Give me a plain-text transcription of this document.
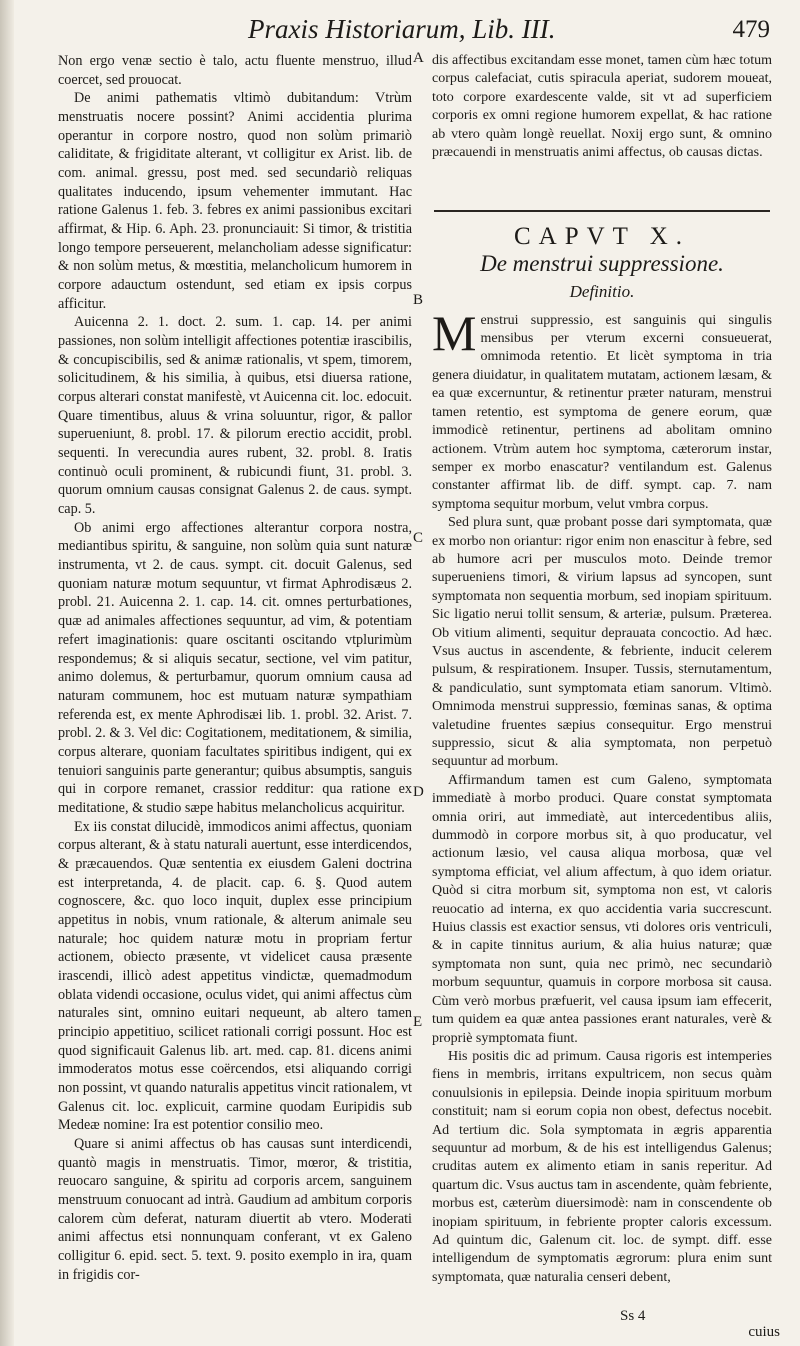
Praxis Historiarum, Lib. III.	479

Non ergo venæ sectio è talo, actu fluente menstruo, illud coercet, sed prouocat.

De animi pathematis vltimò dubitandum: Vtrùm menstruatis nocere possint? Animi accidentia plurima operantur in corpore nostro, quod non solùm primariò caliditate, & frigiditate alterant, vt colligitur ex Arist. lib. de com. animal. gressu, post med. sed secundariò reliquas qualitates inducendo, ipsum vehementer immutant. Hac ratione Galenus 1. feb. 3. febres ex animi passionibus excitari affirmat, & Hip. 6. Aph. 23. pronunciauit: Si timor, & tristitia longo tempore perseuerent, melancholiam adesse significatur: & non solùm metus, & mœstitia, melancholicum humorem in corpore adauctum ostendunt, sed etiam ex ipsis corpus afficitur.

Auicenna 2. 1. doct. 2. sum. 1. cap. 14. per animi passiones, non solùm intelligit affectiones potentiæ irascibilis, & concupiscibilis, sed & animæ rationalis, vt spem, timorem, solicitudinem, & his similia, à quibus, etsi diuersa ratione, corpus alterari constat manifestè, vt Auicenna cit. loc. edocuit. Quare timentibus, aluus & vrina soluuntur, rigor, & pallor superueniunt, 8. probl. 17. & pilorum erectio accidit, probl. sequenti. In verecundia aures rubent, 32. probl. 8. Iratis continuò oculi prominent, & rubicundi fiunt, 31. probl. 3. quorum omnium causas consignat Galenus 2. de caus. sympt. cap. 5.

Ob animi ergo affectiones alterantur corpora nostra, mediantibus spiritu, & sanguine, non solùm quia sunt naturæ instrumenta, vt 2. de caus. sympt. cit. docuit Galenus, sed quoniam naturæ motum sequuntur, vt firmat Aphrodisæus 2. probl. 21. Auicenna 2. 1. cap. 14. cit. omnes perturbationes, quæ ad animales affectiones sequuntur, ad vim, & potentiam refert imaginationis: quare oscitanti oscitando vtplurimùm respondemus; & si aliquis secatur, sectione, vel vim patitur, animo dolemus, & perturbamur, quorum omnium causa ad naturam communem, hoc est mutuam naturæ sympathiam referenda est, ex mente Aphrodisæi lib. 1. probl. 32. Arist. 7. probl. 2. & 3. Vel dic: Cogitationem, meditationem, & similia, corpus alterare, quoniam facultates spiritibus indigent, qui ex tenuiori sanguinis parte generantur; quibus absumptis, sanguis qui in corpore remanet, crassior redditur: qua ratione ex meditatione, & studio sæpe habitus melancholicus acquiritur.

Ex iis constat dilucidè, immodicos animi affectus, quoniam corpus alterant, & à statu naturali auertunt, esse interdicendos, & præcauendos. Quæ sententia ex eiusdem Galeni doctrina est interpretanda, 4. de placit. cap. 6. §. Quod autem cognoscere, &c. quo loco inquit, duplex esse principium appetitus in nobis, vnum rationale, & alterum animale seu naturale; hoc quidem naturæ motu in propriam fertur actionem, obiecto præsente, vt videlicet causa præsente irascendi, illicò adest appetitus vindictæ, quemadmodum oblata videndi occasione, oculus videt, qui animi affectus cùm naturales sint, omnino euitari nequeunt, ab altero tamen principio appetitiuo, scilicet rationali corrigi possunt. Hoc est quod significauit Galenus lib. art. med. cap. 81. dicens animi immoderatos motus esse coërcendos, etsi aliquando corrigi non possint, vt quando naturalis appetitus vincit rationalem, vt Galenus cit. loc. explicuit, carmine quodam Euripidis sub Medeæ nomine: Ira est potentior consilio meo.

Quare si animi affectus ob has causas sunt interdicendi, quantò magis in menstruatis. Timor, mœror, & tristitia, reuocaro sanguine, & spiritu ad corporis arcem, sanguinem menstruum conuocant ad intrà. Gaudium ad ambitum corporis calorem cùm deferat, naturam diuertit ab vtero. Moderati animi affectus etsi nonnunquam conferant, vt ex Galeno colligitur 6. epid. sect. 5. text. 9. posito exemplo in ira, quam in frigidis cor-

A
B
C
D
E

dis affectibus excitandam esse monet, tamen cùm hæc totum corpus calefaciat, cutis spiracula aperiat, sudorem moueat, toto corpore exardescente valde, sit vt ad superficiem corporis ex omni regione humorem expellat, & hac ratione ab vtero quàm longè reuellat. Noxij ergo sunt, & omnino præcauendi in menstruatis animi affectus, ob causas dictas.

CAPVT X.
De menstrui suppressione.
Definitio.

Menstrui suppressio, est sanguinis qui singulis mensibus per vterum excerni consueuerat, omnimoda retentio. Et licèt symptoma in tria genera diuidatur, in qualitatem mutatam, actionem læsam, & ea quæ excernuntur, & retinentur præter naturam, menstrui tamen retentio, est symptoma de genere eorum, quæ immodicè retinentur, pertinens ad abolitam omnino actionem. Vtrùm autem hoc symptoma, cæterorum instar, semper ex morbo enascatur? ventilandum est. Galenus constanter affirmat lib. de diff. sympt. cap. 7. nam symptoma sequitur morbum, velut vmbra corpus.

Sed plura sunt, quæ probant posse dari symptomata, quæ ex morbo non oriantur: rigor enim non enascitur à febre, sed ab humore acri per musculos moto. Deinde tremor superueniens timori, & virium lapsus ad syncopen, sunt symptomata non sequentia morbum, sed inopiam spirituum. Sic ligatio nerui tollit sensum, & arteriæ, pulsum. Præterea. Ob vitium alimenti, sequitur deprauata concoctio. Ad hæc. Vsus auctus in ascendente, & febriente, inducit celerem pulsum, & respirationem. Insuper. Tussis, sternutamentum, & pandiculatio, sunt symptomata etiam sanorum. Vltimò. Omnimoda menstrui suppressio, fœminas sanas, & optima valetudine fruentes sæpius consequitur. Ergo menstrui suppressio, sicut & alia symptomata, non perpetuò sequuntur ad morbum.

Affirmandum tamen est cum Galeno, symptomata immediatè à morbo produci. Quare constat symptomata omnia oriri, aut immediatè, aut intercedentibus aliis, dummodò in corpore morbus sit, à quo producatur, vel actionum læsio, vel causa aliqua morbosa, quæ vel symptoma efficiat, vel alium affectum, à quo idem oriatur. Quòd si citra morbum sit, symptoma non est, vt caloris reuocatio ad interna, ex quo accidentia varia succrescunt. Huius classis est exactior sensus, vti dolores oris ventriculi, & in capite tinnitus aurium, & alia huius naturæ; quæ symptomata non sunt, quia nec primò, nec secundariò morbum sequuntur, quamuis in corpore morbosa sit causa. Cùm verò morbus præfuerit, vel causa ipsum iam effecerit, tum quidem ea quæ antea passiones erant naturales, verè & propriè symptomata fiunt.

His positis dic ad primum. Causa rigoris est intemperies fiens in membris, irritans expultricem, non secus quàm conuulsionis in epilepsia. Deinde inopia spirituum morbum constituit; nam si eorum copia non obest, defectus nocebit. Ad tertium dic. Sola symptomata in ægris apparentia sequuntur ad morbum, & de his est intelligendus Galenus; cruditas autem ex alimento etiam in sanis reperitur. Ad quartum dic. Vsus auctus tam in ascendente, quàm febriente, morbus est, cæterùm diuersimodè: nam in conscendente ob inopiam spirituum, in febriente propter caloris excessum. Ad quintum dic, Galenum cit. loc. de sympt. diff. esse intelligendum de symptomatis ægrorum: plura enim sunt symptomata, quæ naturalia censeri debent,

Ss 4
cuius
